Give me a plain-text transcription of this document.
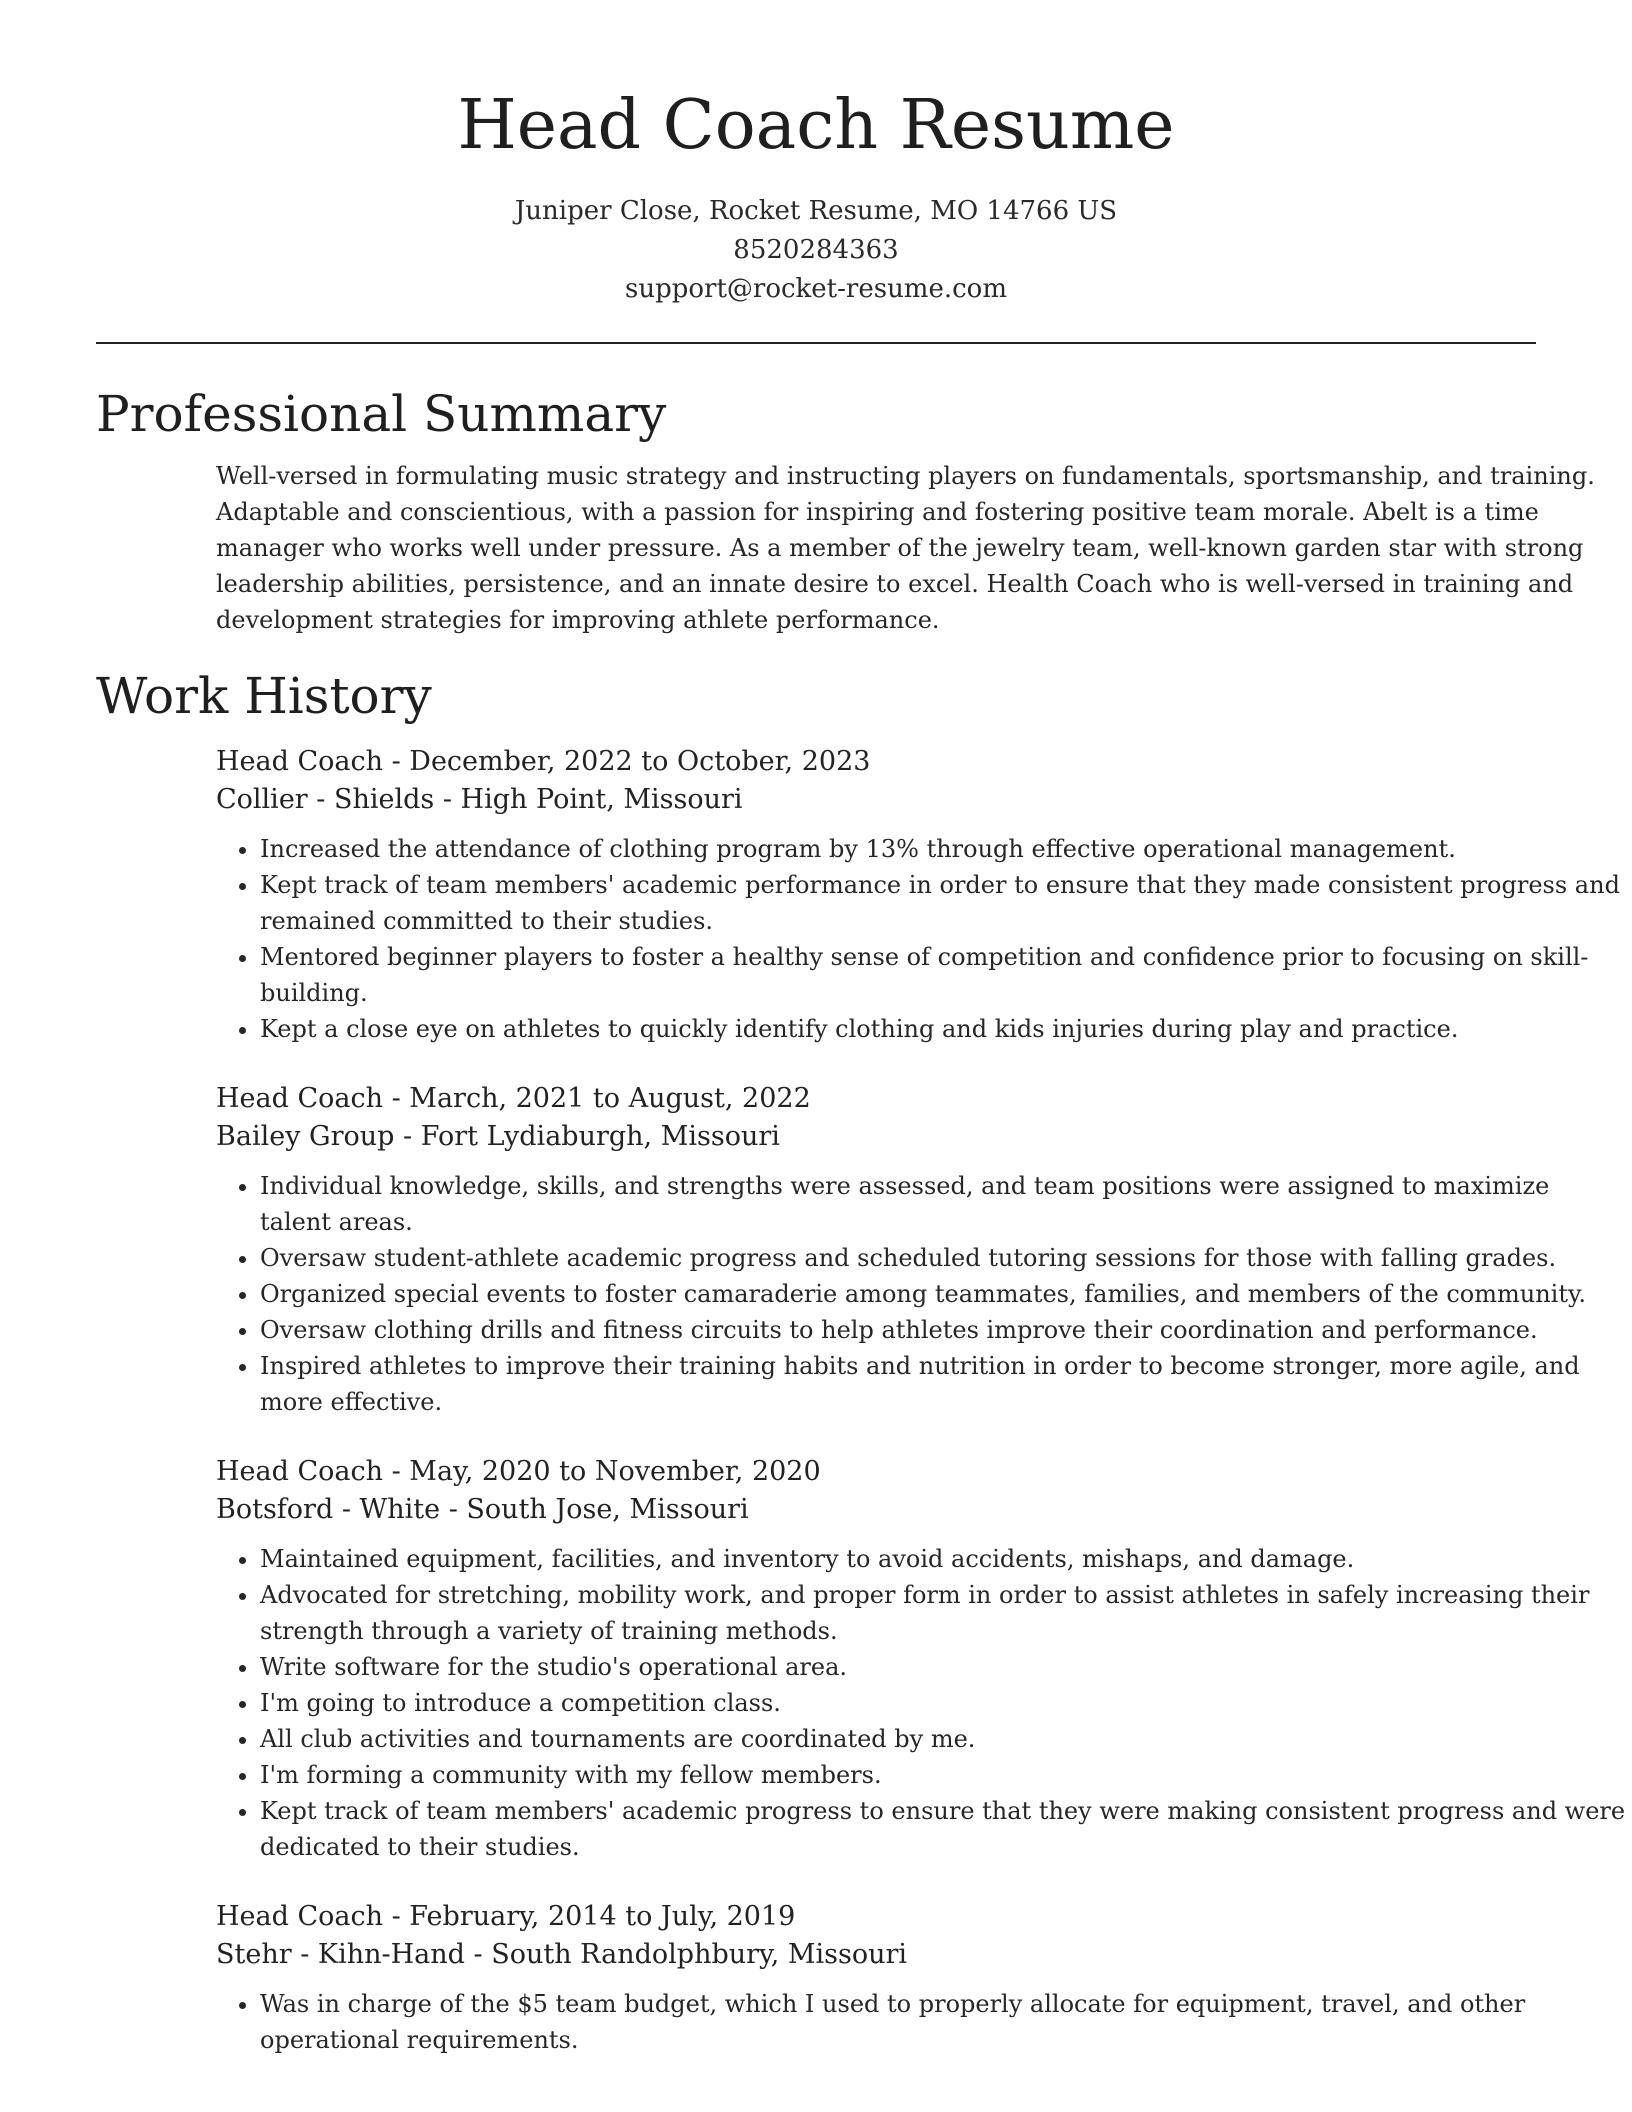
Head Coach Resume
Juniper Close, Rocket Resume, MO 14766 US
8520284363
support@rocket-resume.com
Professional Summary
Well-versed in formulating music strategy and instructing players on fundamentals, sportsmanship, and training. Adaptable and conscientious, with a passion for inspiring and fostering positive team morale. Abelt is a time manager who works well under pressure. As a member of the jewelry team, well-known garden star with strong leadership abilities, persistence, and an innate desire to excel. Health Coach who is well-versed in training and development strategies for improving athlete performance.
Work History
Head Coach - December, 2022 to October, 2023
Collier - Shields - High Point, Missouri
• Increased the attendance of clothing program by 13% through effective operational management.
• Kept track of team members' academic performance in order to ensure that they made consistent progress and remained committed to their studies.
• Mentored beginner players to foster a healthy sense of competition and confidence prior to focusing on skill-building.
• Kept a close eye on athletes to quickly identify clothing and kids injuries during play and practice.
Head Coach - March, 2021 to August, 2022
Bailey Group - Fort Lydiaburgh, Missouri
• Individual knowledge, skills, and strengths were assessed, and team positions were assigned to maximize talent areas.
• Oversaw student-athlete academic progress and scheduled tutoring sessions for those with falling grades.
• Organized special events to foster camaraderie among teammates, families, and members of the community.
• Oversaw clothing drills and fitness circuits to help athletes improve their coordination and performance.
• Inspired athletes to improve their training habits and nutrition in order to become stronger, more agile, and more effective.
Head Coach - May, 2020 to November, 2020
Botsford - White - South Jose, Missouri
• Maintained equipment, facilities, and inventory to avoid accidents, mishaps, and damage.
• Advocated for stretching, mobility work, and proper form in order to assist athletes in safely increasing their strength through a variety of training methods.
• Write software for the studio's operational area.
• I'm going to introduce a competition class.
• All club activities and tournaments are coordinated by me.
• I'm forming a community with my fellow members.
• Kept track of team members' academic progress to ensure that they were making consistent progress and were dedicated to their studies.
Head Coach - February, 2014 to July, 2019
Stehr - Kihn-Hand - South Randolphbury, Missouri
• Was in charge of the $5 team budget, which I used to properly allocate for equipment, travel, and other operational requirements.
